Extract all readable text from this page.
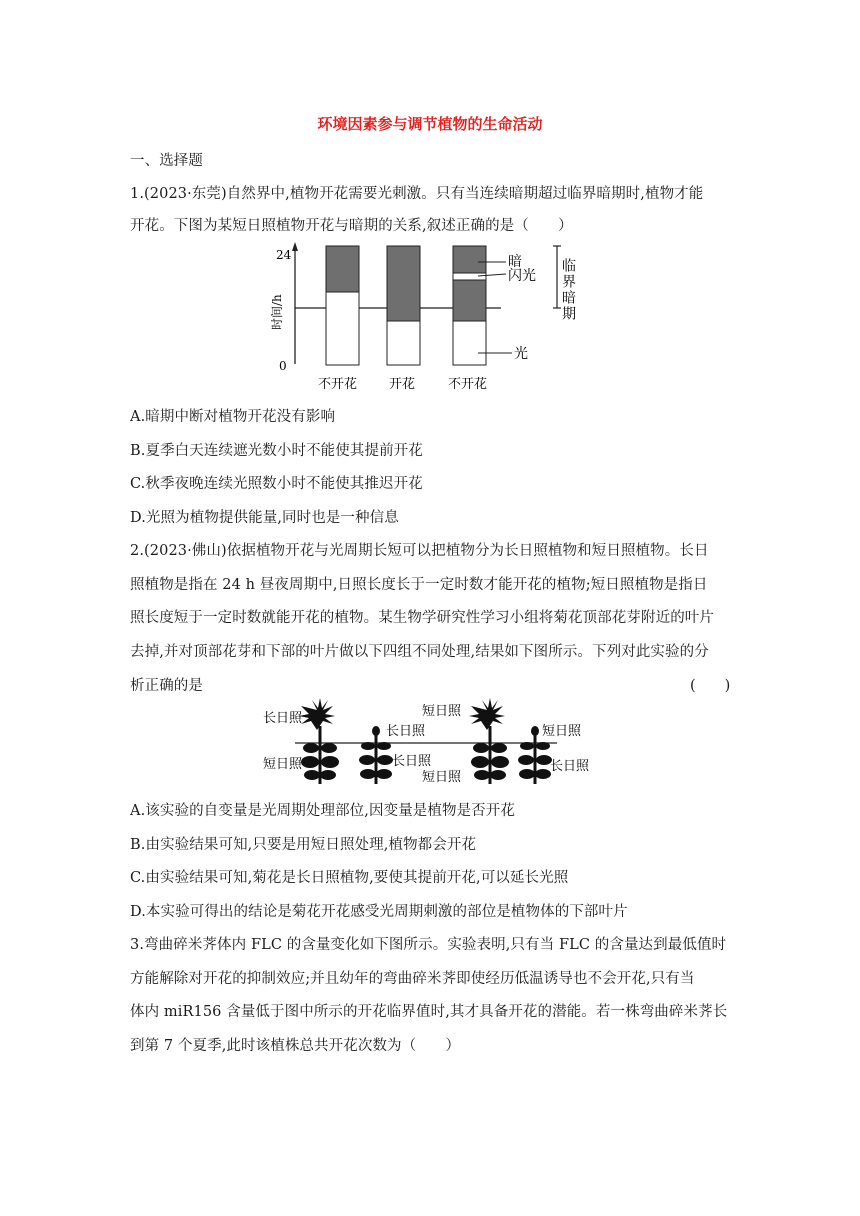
环境因素参与调节植物的生命活动
一、选择题
1.(2023·东莞)自然界中,植物开花需要光刺激。只有当连续暗期超过临界暗期时,植物才能
开花。下图为某短日照植物开花与暗期的关系,叙述正确的是（　　）
24
0
时间/h
暗
闪光
光
临界暗期
不开花 开花	不开花
A.暗期中断对植物开花没有影响
B.夏季白天连续遮光数小时不能使其提前开花
C.秋季夜晚连续光照数小时不能使其推迟开花
D.光照为植物提供能量,同时也是一种信息
2.(2023·佛山)依据植物开花与光周期长短可以把植物分为长日照植物和短日照植物。长日
照植物是指在 24 h 昼夜周期中,日照长度长于一定时数才能开花的植物;短日照植物是指日
照长度短于一定时数就能开花的植物。某生物学研究性学习小组将菊花顶部花芽附近的叶片
去掉,并对顶部花芽和下部的叶片做以下四组不同处理,结果如下图所示。下列对此实验的分
析正确的是	(　　)
长日照
短日照
长日照
长日照
短日照
短日照
短日照
长日照
A.该实验的自变量是光周期处理部位,因变量是植物是否开花
B.由实验结果可知,只要是用短日照处理,植物都会开花
C.由实验结果可知,菊花是长日照植物,要使其提前开花,可以延长光照
D.本实验可得出的结论是菊花开花感受光周期刺激的部位是植物体的下部叶片
3.弯曲碎米荠体内 FLC 的含量变化如下图所示。实验表明,只有当 FLC 的含量达到最低值时
方能解除对开花的抑制效应;并且幼年的弯曲碎米荠即使经历低温诱导也不会开花,只有当
体内 miR156 含量低于图中所示的开花临界值时,其才具备开花的潜能。若一株弯曲碎米荠长
到第 7 个夏季,此时该植株总共开花次数为（　　）
